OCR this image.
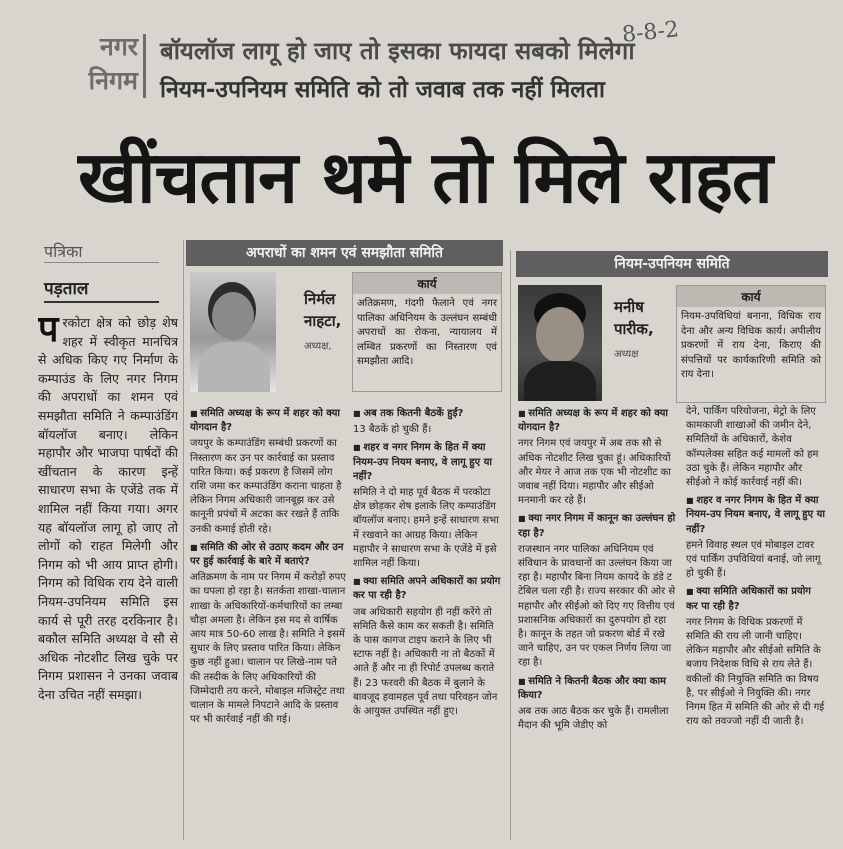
नगर
निगम
बॉयलॉज लागू हो जाए तो इसका फायदा सबको मिलेगा
नियम-उपनियम समिति को तो जवाब तक नहीं मिलता
8-8-2
खींचतान थमे तो मिले राहत
पत्रिका
पड़ताल
प रकोटा क्षेत्र को छोड़ शेष शहर में स्वीकृत मानचित्र से अधिक किए गए निर्माण के कम्पाउंड के लिए नगर निगम की अपराधों का शमन एवं समझौता समिति ने कम्पाउंडिंग बॉयलॉज बनाए। लेकिन महापौर और भाजपा पार्षदों की खींचतान के कारण इन्हें साधारण सभा के एजेंडे तक में शामिल नहीं किया गया। अगर यह बॉयलॉज लागू हो जाए तो लोगों को राहत मिलेगी और निगम को भी आय प्राप्त होगी। निगम को विधिक राय देने वाली नियम-उपनियम समिति इस कार्य से पूरी तरह दरकिनार है। बकौल समिति अध्यक्ष वे सौ से अधिक नोटशीट लिख चुके पर निगम प्रशासन ने उनका जवाब देना उचित नहीं समझा।
अपराधों का शमन एवं समझौता समिति
निर्मल नाहटा,
अध्यक्ष,
कार्य
अतिक्रमण, गंदगी फैलाने एवं नगर पालिका अधिनियम के उल्लंघन सम्बंधी अपराधों का रोकना, न्यायालय में लम्बित प्रकरणों का निस्तारण एवं समझौता आदि।
■ समिति अध्यक्ष के रूप में शहर को क्या योगदान है?
जयपुर के कम्पाउंडिंग सम्बंधी प्रकरणों का निस्तारण कर उन पर कार्रवाई का प्रस्ताव पारित किया। कई प्रकरण है जिसमें लोग राशि जमा कर कम्पाउंडिंग कराना चाहता है लेकिन निगम अधिकारी जानबूझ कर उसे कानूनी प्रपंचों में अटका कर रखते हैं ताकि उनकी कमाई होती रहे।
■ समिति की ओर से उठाए कदम और उन पर हुई कार्रवाई के बारे में बताएं?
अतिक्रमण के नाम पर निगम में करोड़ों रुपए का घपला हो रहा है। सतर्कता शाखा-चालान शाखा के अधिकारियों-कर्मचारियों का लम्बा चौड़ा अमला है। लेकिन इस मद से वार्षिक आय मात्र 50-60 लाख है। समिति ने इसमें सुधार के लिए प्रस्ताव पारित किया। लेकिन कुछ नहीं हुआ। चालान पर लिखे-नाम पते की तस्दीक के लिए अधिकारियों की जिम्मेदारी तय करने, मोबाइल मजिस्ट्रेट तथा चालान के मामले निपटाने आदि के प्रस्ताव पर भी कार्रवाई नहीं की गई।
■ अब तक कितनी बैठकें हुईं?
13 बैठकें हो चुकी हैं।
■ शहर व नगर निगम के हित में क्या नियम-उप नियम बनाए, वे लागू हुए या नहीं?
समिति ने दो माह पूर्व बैठक में परकोटा क्षेत्र छोड़कर शेष इलाके लिए कम्पाउंडिंग बॉयलॉज बनाए। हमने इन्हें साधारण सभा में रखवाने का आग्रह किया। लेकिन महापौर ने साधारण सभा के एजेंडे में इसे शामिल नहीं किया।
■ क्या समिति अपने अधिकारों का प्रयोग कर पा रही है?
जब अधिकारी सहयोग ही नहीं करेंगे तो समिति कैसे काम कर सकती है। समिति के पास कागज टाइप कराने के लिए भी स्टाफ नहीं है। अधिकारी ना तो बैठकों में आते हैं और ना ही रिपोर्ट उपलब्ध कराते हैं। 23 फरवरी की बैठक में बुलाने के बावजूद हवामहल पूर्व तथा परिवहन जोन के आयुक्त उपस्थित नहीं हुए।
नियम-उपनियम समिति
मनीष पारीक,
अध्यक्ष
कार्य
नियम-उपविधियां बनाना, विधिक राय देना और अन्य विधिक कार्य। अपीलीय प्रकरणों में राय देना, किराए की संपत्तियों पर कार्यकारिणी समिति को राय देना।
■ समिति अध्यक्ष के रूप में शहर को क्या योगदान है?
नगर निगम एवं जयपुर में अब तक सौ से अधिक नोटशीट लिख चुका हूं। अधिकारियों और मेयर ने आज तक एक भी नोटशीट का जवाब नहीं दिया। महापौर और सीईओ मनमानी कर रहे हैं।
■ क्या नगर निगम में कानून का उल्लंघन हो रहा है?
राजस्थान नगर पालिका अधिनियम एवं संविधान के प्रावधानों का उल्लंघन किया जा रहा है। महापौर बिना नियम कायदे के डंडे ट टेबिल चला रही है। राज्य सरकार की ओर से महापौर और सीईओ को दिए गए वित्तीय एवं प्रशासनिक अधिकारों का दुरुपयोग हो रहा है। कानून के तहत जो प्रकरण बोर्ड में रखे जाने चाहिए, उन पर एकल निर्णय लिया जा रहा है।
■ समिति ने कितनी बैठक और क्या काम किया?
अब तक आठ बैठक कर चुके हैं। रामलीला मैदान की भूमि जेडीए को
देने, पार्किंग परियोजना, मेट्रो के लिए कामकाजी शाखाओं की जमीन देने, समितियों के अधिकारों, केशेव कॉम्पलेक्स सहित कई मामलों को हम उठा चुके हैं। लेकिन महापौर और सीईओ ने कोई कार्रवाई नहीं की।
■ शहर व नगर निगम के हित में क्या नियम-उप नियम बनाए, वे लागू हुए या नहीं?
हमने विवाह स्थल एवं मोबाइल टावर एवं पार्किंग उपविधियां बनाई, जो लागू हो चुकी हैं।
■ क्या समिति अधिकारों का प्रयोग कर पा रही है?
नगर निगम के विधिक प्रकरणों में समिति की राय ली जानी चाहिए। लेकिन महापौर और सीईओ समिति के बजाय निदेशक विधि से राय लेते हैं। वकीलों की नियुक्ति समिति का विषय है, पर सीईओ ने नियुक्ति की। नगर निगम हित में समिति की ओर से दी गई राय को तवज्जो नहीं दी जाती है।
